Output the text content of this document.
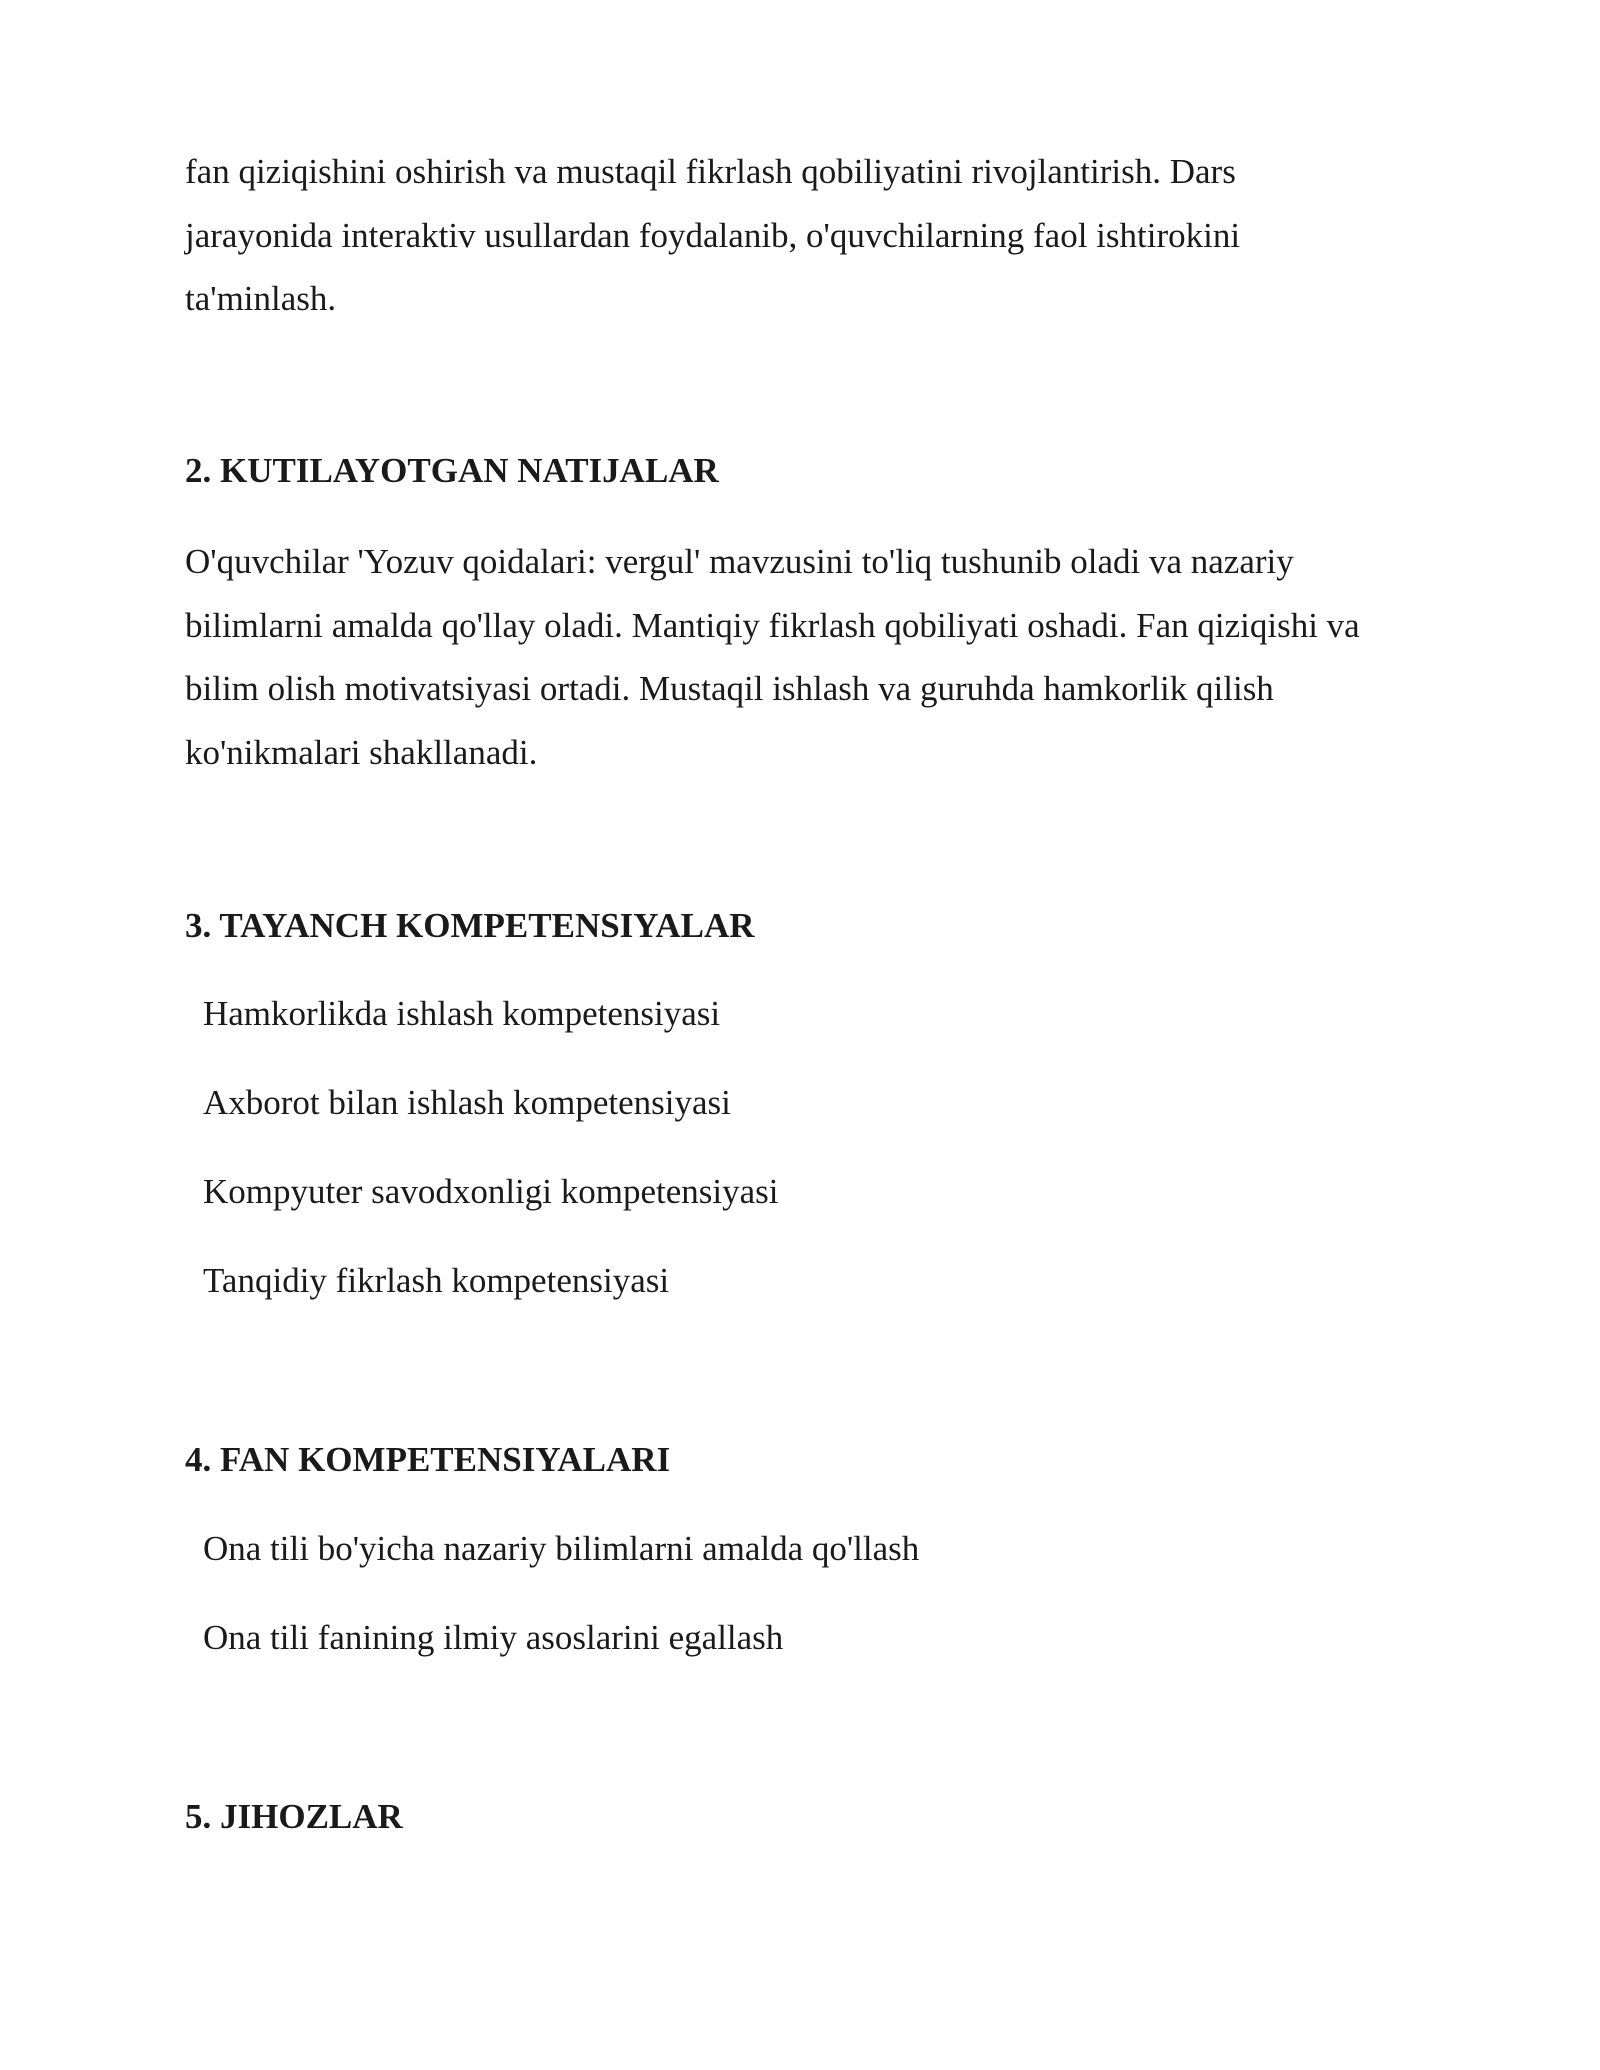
fan qiziqishini oshirish va mustaqil fikrlash qobiliyatini rivojlantirish. Dars
jarayonida interaktiv usullardan foydalanib, o'quvchilarning faol ishtirokini
ta'minlash.

2. KUTILAYOTGAN NATIJALAR

O'quvchilar 'Yozuv qoidalari: vergul' mavzusini to'liq tushunib oladi va nazariy
bilimlarni amalda qo'llay oladi. Mantiqiy fikrlash qobiliyati oshadi. Fan qiziqishi va
bilim olish motivatsiyasi ortadi. Mustaqil ishlash va guruhda hamkorlik qilish
ko'nikmalari shakllanadi.

3. TAYANCH KOMPETENSIYALAR

Hamkorlikda ishlash kompetensiyasi

Axborot bilan ishlash kompetensiyasi

Kompyuter savodxonligi kompetensiyasi

Tanqidiy fikrlash kompetensiyasi

4. FAN KOMPETENSIYALARI

Ona tili bo'yicha nazariy bilimlarni amalda qo'llash

Ona tili fanining ilmiy asoslarini egallash

5. JIHOZLAR
